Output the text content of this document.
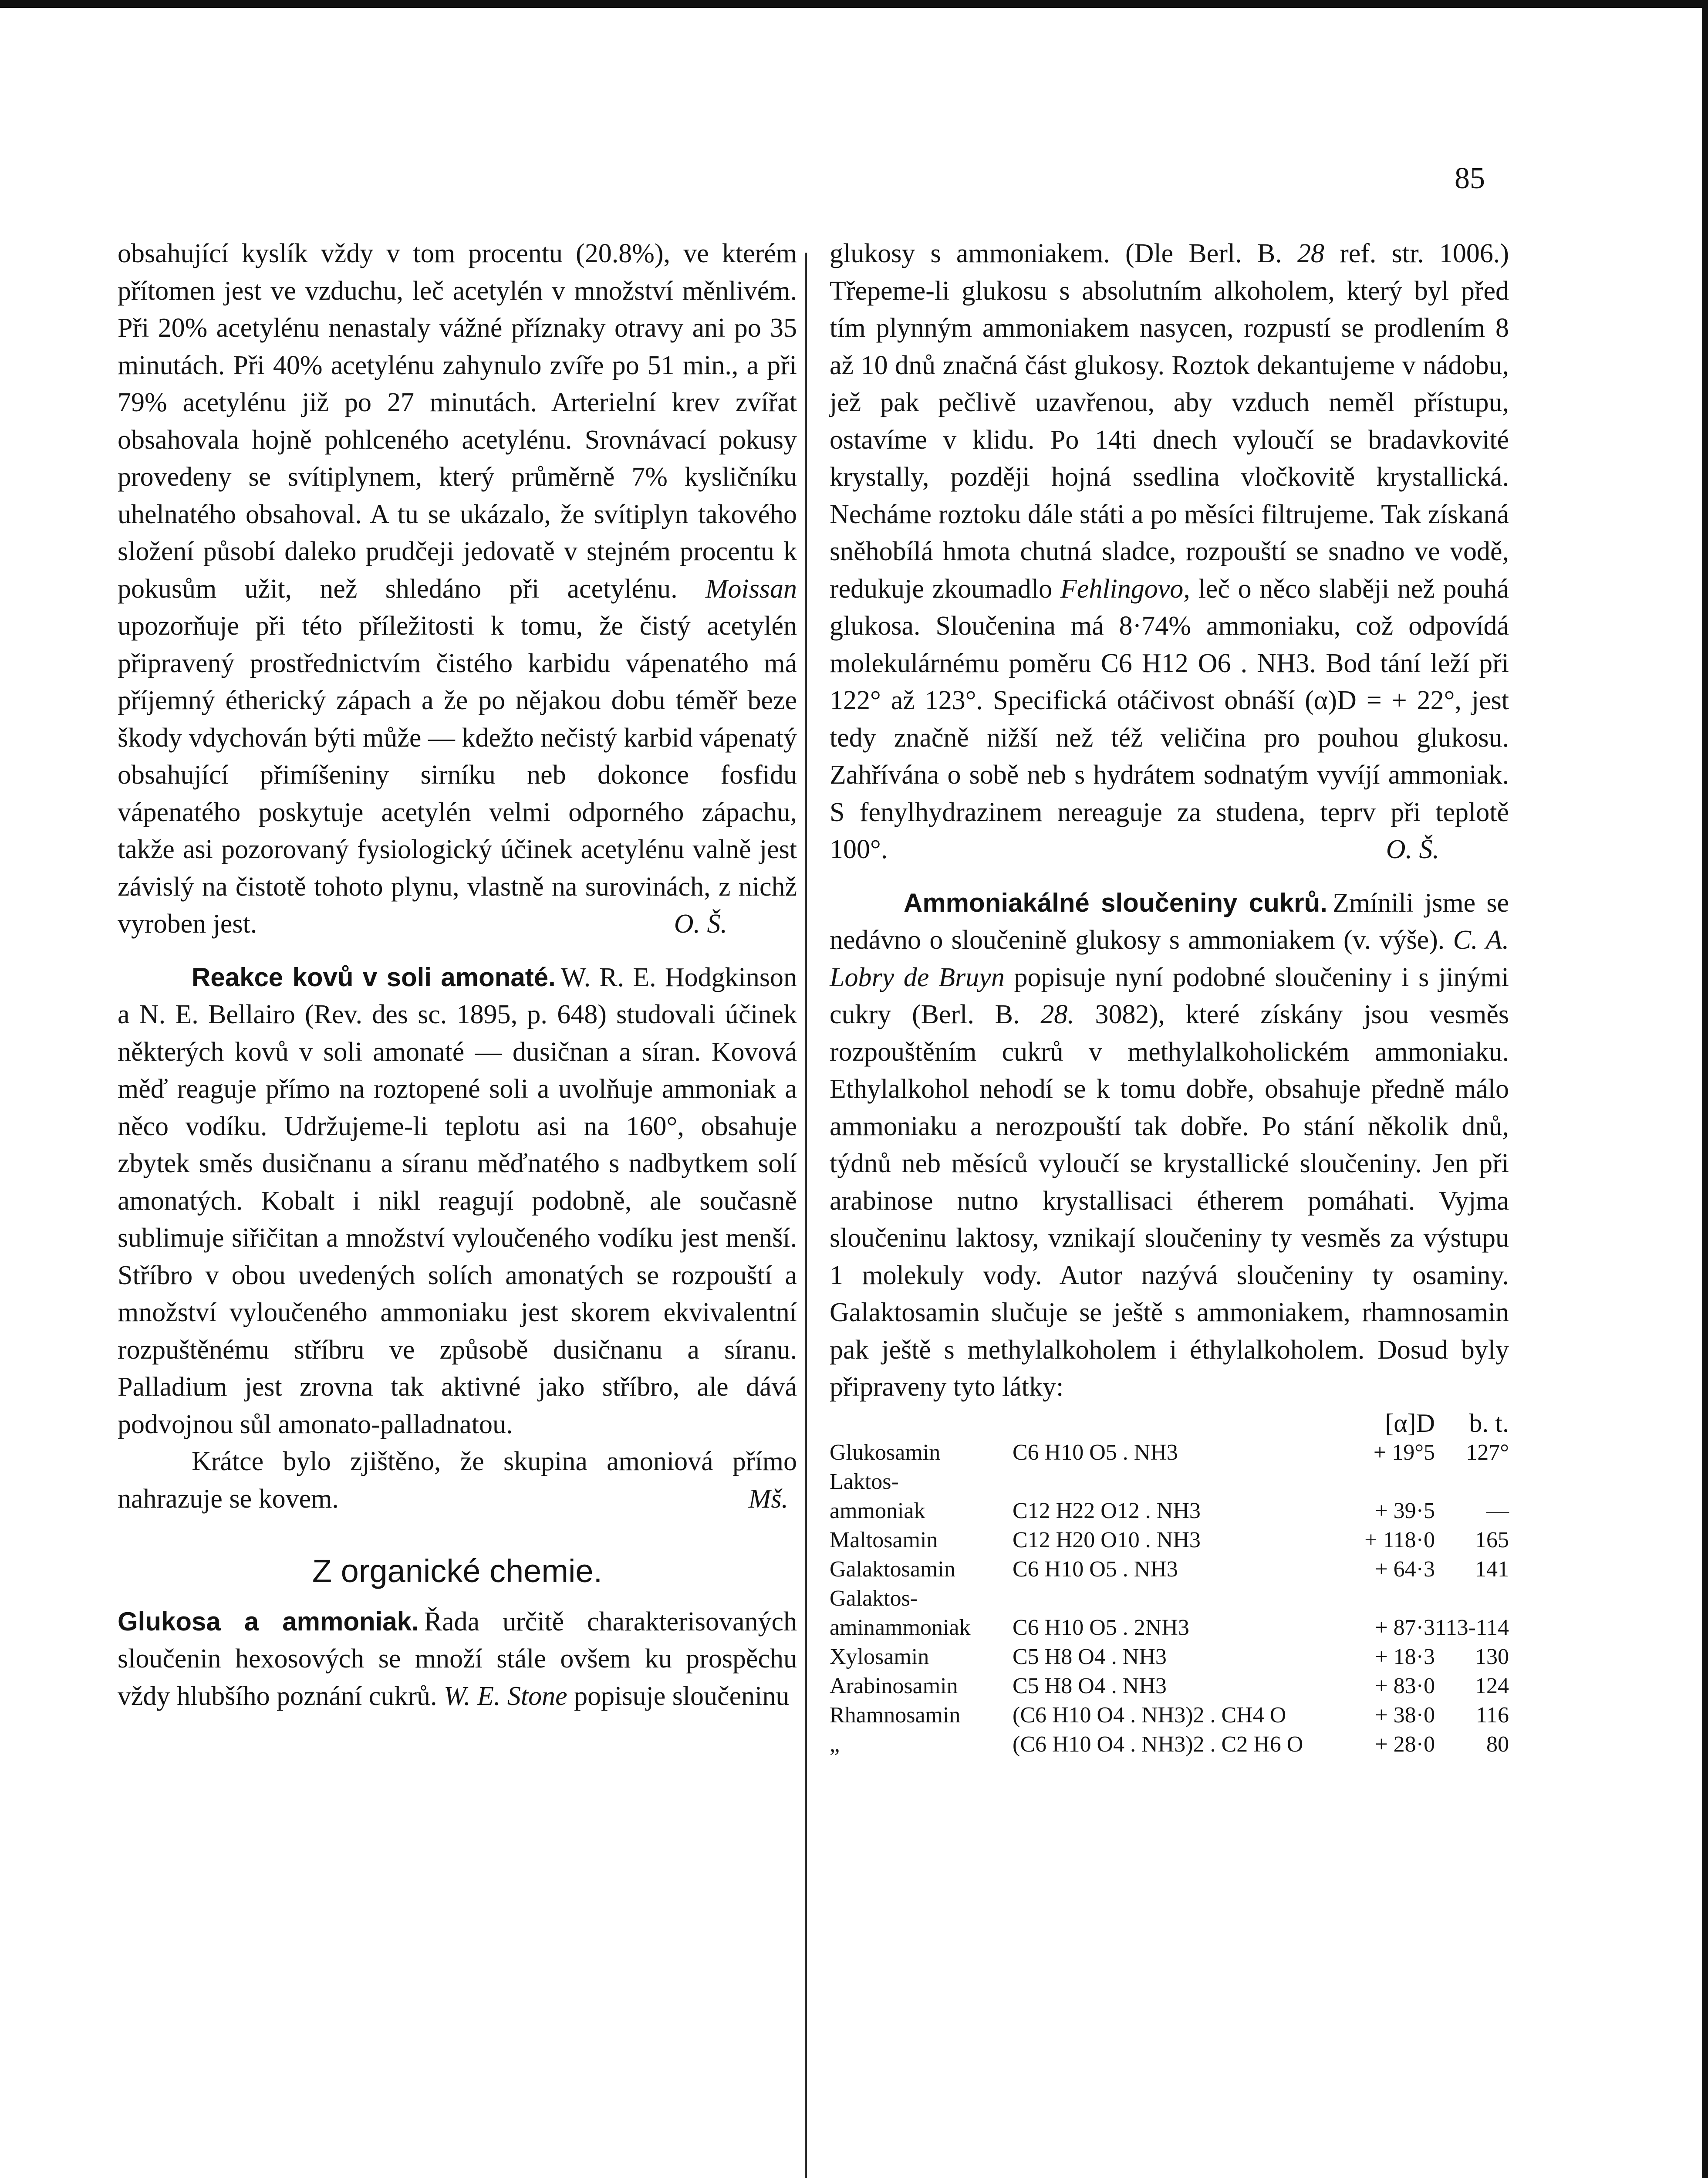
85

obsahující kyslík vždy v tom procentu (20.8%), ve kterém přítomen jest ve vzduchu, leč acetylén v množství měnlivém. Při 20% acetylénu nenastaly vážné příznaky otravy ani po 35 minutách. Při 40% acetylénu zahynulo zvíře po 51 min., a při 79% acetylénu již po 27 minutách. Arterielní krev zvířat obsahovala hojně pohlceného acetylénu. Srovnávací pokusy provedeny se svítiplynem, který průměrně 7% kysličníku uhelnatého obsahoval. A tu se ukázalo, že svítiplyn takového složení působí daleko prudčeji jedovatě v stejném procentu k pokusům užit, než shledáno při acetylénu. Moissan upozorňuje při této příležitosti k tomu, že čistý acetylén připravený prostřednictvím čistého karbidu vápenatého má příjemný étherický zápach a že po nějakou dobu téměř beze škody vdychován býti může — kdežto nečistý karbid vápenatý obsahující přimíšeniny sirníku neb dokonce fosfidu vápenatého poskytuje acetylén velmi odporného zápachu, takže asi pozorovaný fysiologický účinek acetylénu valně jest závislý na čistotě tohoto plynu, vlastně na surovinách, z nichž vyroben jest.	O. Š.

Reakce kovů v soli amonaté. W. R. E. Hodgkinson a N. E. Bellairo (Rev. des sc. 1895, p. 648) studovali účinek některých kovů v soli amonaté — dusičnan a síran. Kovová měď reaguje přímo na roztopené soli a uvolňuje ammoniak a něco vodíku. Udržujeme-li teplotu asi na 160°, obsahuje zbytek směs dusičnanu a síranu měďnatého s nadbytkem solí amonatých. Kobalt i nikl reagují podobně, ale současně sublimuje siřičitan a množství vyloučeného vodíku jest menší. Stříbro v obou uvedených solích amonatých se rozpouští a množství vyloučeného ammoniaku jest skorem ekvivalentní rozpuštěnému stříbru ve způsobě dusičnanu a síranu. Palladium jest zrovna tak aktivné jako stříbro, ale dává podvojnou sůl amonato-palladnatou.

Krátce bylo zjištěno, že skupina amoniová přímo nahrazuje se kovem.	Mš.

Z organické chemie.

Glukosa a ammoniak. Řada určitě charakterisovaných sloučenin hexosových se množí stále ovšem ku prospěchu vždy hlubšího poznání cukrů. W. E. Stone popisuje sloučeninu

glukosy s ammoniakem. (Dle Berl. B. 28 ref. str. 1006.) Třepeme-li glukosu s absolutním alkoholem, který byl před tím plynným ammoniakem nasycen, rozpustí se prodlením 8 až 10 dnů značná část glukosy. Roztok dekantujeme v nádobu, jež pak pečlivě uzavřenou, aby vzduch neměl přístupu, ostavíme v klidu. Po 14ti dnech vyloučí se bradavkovité krystally, později hojná ssedlina vločkovitě krystallická. Necháme roztoku dále státi a po měsíci filtrujeme. Tak získaná sněhobílá hmota chutná sladce, rozpouští se snadno ve vodě, redukuje zkoumadlo Fehlingovo, leč o něco slaběji než pouhá glukosa. Sloučenina má 8·74% ammoniaku, což odpovídá molekulárnému poměru C6 H12 O6 . NH3. Bod tání leží při 122° až 123°. Specifická otáčivost obnáší (α)D = + 22°, jest tedy značně nižší než též veličina pro pouhou glukosu. Zahřívána o sobě neb s hydrátem sodnatým vyvíjí ammoniak. S fenylhydrazinem nereaguje za studena, teprv při teplotě 100°.	O. Š.

Ammoniakálné sloučeniny cukrů. Zmínili jsme se nedávno o sloučenině glukosy s ammoniakem (v. výše). C. A. Lobry de Bruyn popisuje nyní podobné sloučeniny i s jinými cukry (Berl. B. 28. 3082), které získány jsou vesměs rozpouštěním cukrů v methylalkoholickém ammoniaku. Ethylalkohol nehodí se k tomu dobře, obsahuje předně málo ammoniaku a nerozpouští tak dobře. Po stání několik dnů, týdnů neb měsíců vyloučí se krystallické sloučeniny. Jen při arabinose nutno krystallisaci étherem pomáhati. Vyjma sloučeninu laktosy, vznikají sloučeniny ty vesměs za výstupu 1 molekuly vody. Autor nazývá sloučeniny ty osaminy. Galaktosamin slučuje se ještě s ammoniakem, rhamnosamin pak ještě s methylalkoholem i éthylalkoholem. Dosud byly připraveny tyto látky:

		[α]D	b. t.
Glukosamin	C6 H10 O5 . NH3	+ 19°5	127°
Laktos-			
ammoniak	C12 H22 O12 . NH3	+ 39·5	—
Maltosamin	C12 H20 O10 . NH3	+ 118·0	165
Galaktosamin	C6 H10 O5 . NH3	+ 64·3	141
Galaktos-			
aminammoniak	C6 H10 O5 . 2NH3	+ 87·3	113-114
Xylosamin	C5 H8 O4 . NH3	+ 18·3	130
Arabinosamin	C5 H8 O4 . NH3	+ 83·0	124
Rhamnosamin	(C6 H10 O4 . NH3)2 . CH4 O	+ 38·0	116
„	(C6 H10 O4 . NH3)2 . C2 H6 O	+ 28·0	80
